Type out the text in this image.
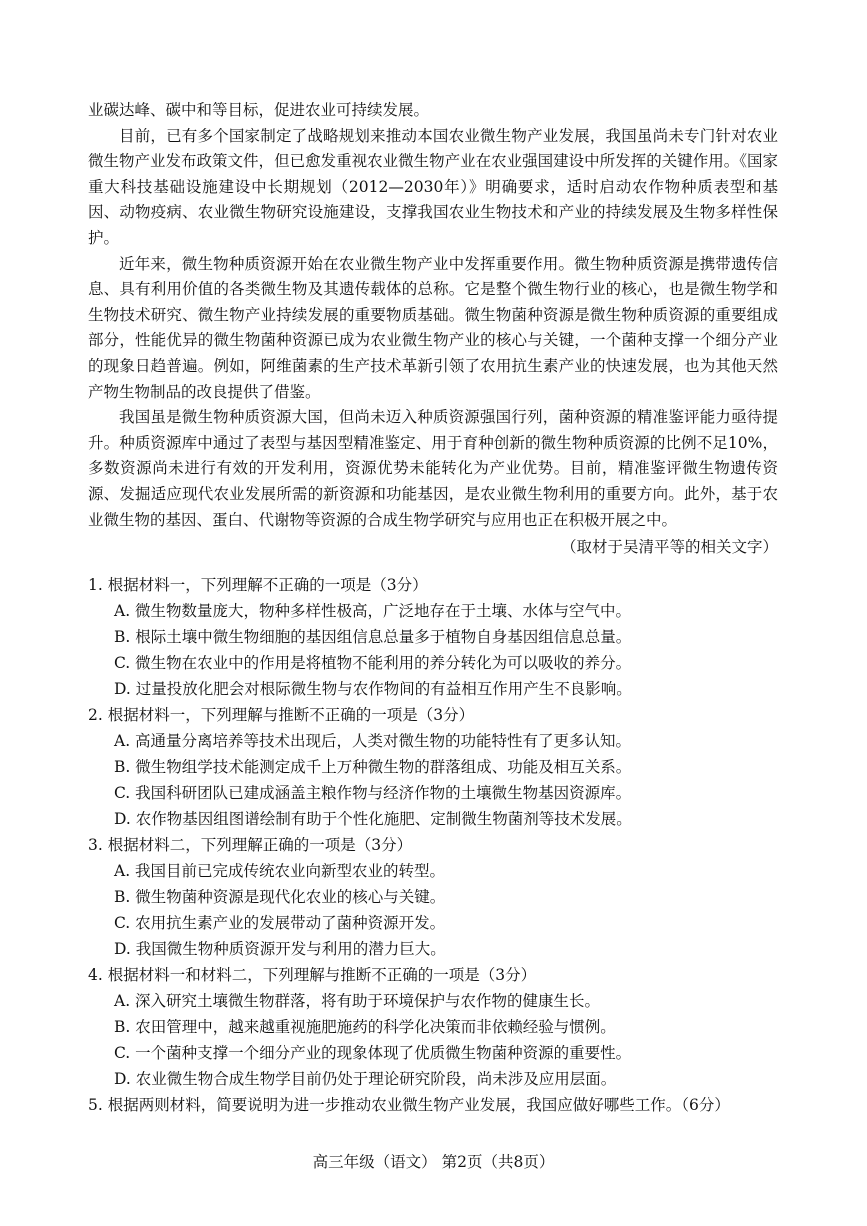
业碳达峰、碳中和等目标，促进农业可持续发展。

目前，已有多个国家制定了战略规划来推动本国农业微生物产业发展，我国虽尚未专门针对农业微生物产业发布政策文件，但已愈发重视农业微生物产业在农业强国建设中所发挥的关键作用。《国家重大科技基础设施建设中长期规划（2012—2030年）》明确要求，适时启动农作物种质表型和基因、动物疫病、农业微生物研究设施建设，支撑我国农业生物技术和产业的持续发展及生物多样性保护。

近年来，微生物种质资源开始在农业微生物产业中发挥重要作用。微生物种质资源是携带遗传信息、具有利用价值的各类微生物及其遗传载体的总称。它是整个微生物行业的核心，也是微生物学和生物技术研究、微生物产业持续发展的重要物质基础。微生物菌种资源是微生物种质资源的重要组成部分，性能优异的微生物菌种资源已成为农业微生物产业的核心与关键，一个菌种支撑一个细分产业的现象日趋普遍。例如，阿维菌素的生产技术革新引领了农用抗生素产业的快速发展，也为其他天然产物生物制品的改良提供了借鉴。

我国虽是微生物种质资源大国，但尚未迈入种质资源强国行列，菌种资源的精准鉴评能力亟待提升。种质资源库中通过了表型与基因型精准鉴定、用于育种创新的微生物种质资源的比例不足10%，多数资源尚未进行有效的开发利用，资源优势未能转化为产业优势。目前，精准鉴评微生物遗传资源、发掘适应现代农业发展所需的新资源和功能基因，是农业微生物利用的重要方向。此外，基于农业微生物的基因、蛋白、代谢物等资源的合成生物学研究与应用也正在积极开展之中。

（取材于吴清平等的相关文字）
1. 根据材料一，下列理解不正确的一项是（3分）
A. 微生物数量庞大，物种多样性极高，广泛地存在于土壤、水体与空气中。
B. 根际土壤中微生物细胞的基因组信息总量多于植物自身基因组信息总量。
C. 微生物在农业中的作用是将植物不能利用的养分转化为可以吸收的养分。
D. 过量投放化肥会对根际微生物与农作物间的有益相互作用产生不良影响。
2. 根据材料一，下列理解与推断不正确的一项是（3分）
A. 高通量分离培养等技术出现后，人类对微生物的功能特性有了更多认知。
B. 微生物组学技术能测定成千上万种微生物的群落组成、功能及相互关系。
C. 我国科研团队已建成涵盖主粮作物与经济作物的土壤微生物基因资源库。
D. 农作物基因组图谱绘制有助于个性化施肥、定制微生物菌剂等技术发展。
3. 根据材料二，下列理解正确的一项是（3分）
A. 我国目前已完成传统农业向新型农业的转型。
B. 微生物菌种资源是现代化农业的核心与关键。
C. 农用抗生素产业的发展带动了菌种资源开发。
D. 我国微生物种质资源开发与利用的潜力巨大。
4. 根据材料一和材料二，下列理解与推断不正确的一项是（3分）
A. 深入研究土壤微生物群落，将有助于环境保护与农作物的健康生长。
B. 农田管理中，越来越重视施肥施药的科学化决策而非依赖经验与惯例。
C. 一个菌种支撑一个细分产业的现象体现了优质微生物菌种资源的重要性。
D. 农业微生物合成生物学目前仍处于理论研究阶段，尚未涉及应用层面。
5. 根据两则材料，简要说明为进一步推动农业微生物产业发展，我国应做好哪些工作。（6分）
高三年级（语文） 第2页（共8页）
